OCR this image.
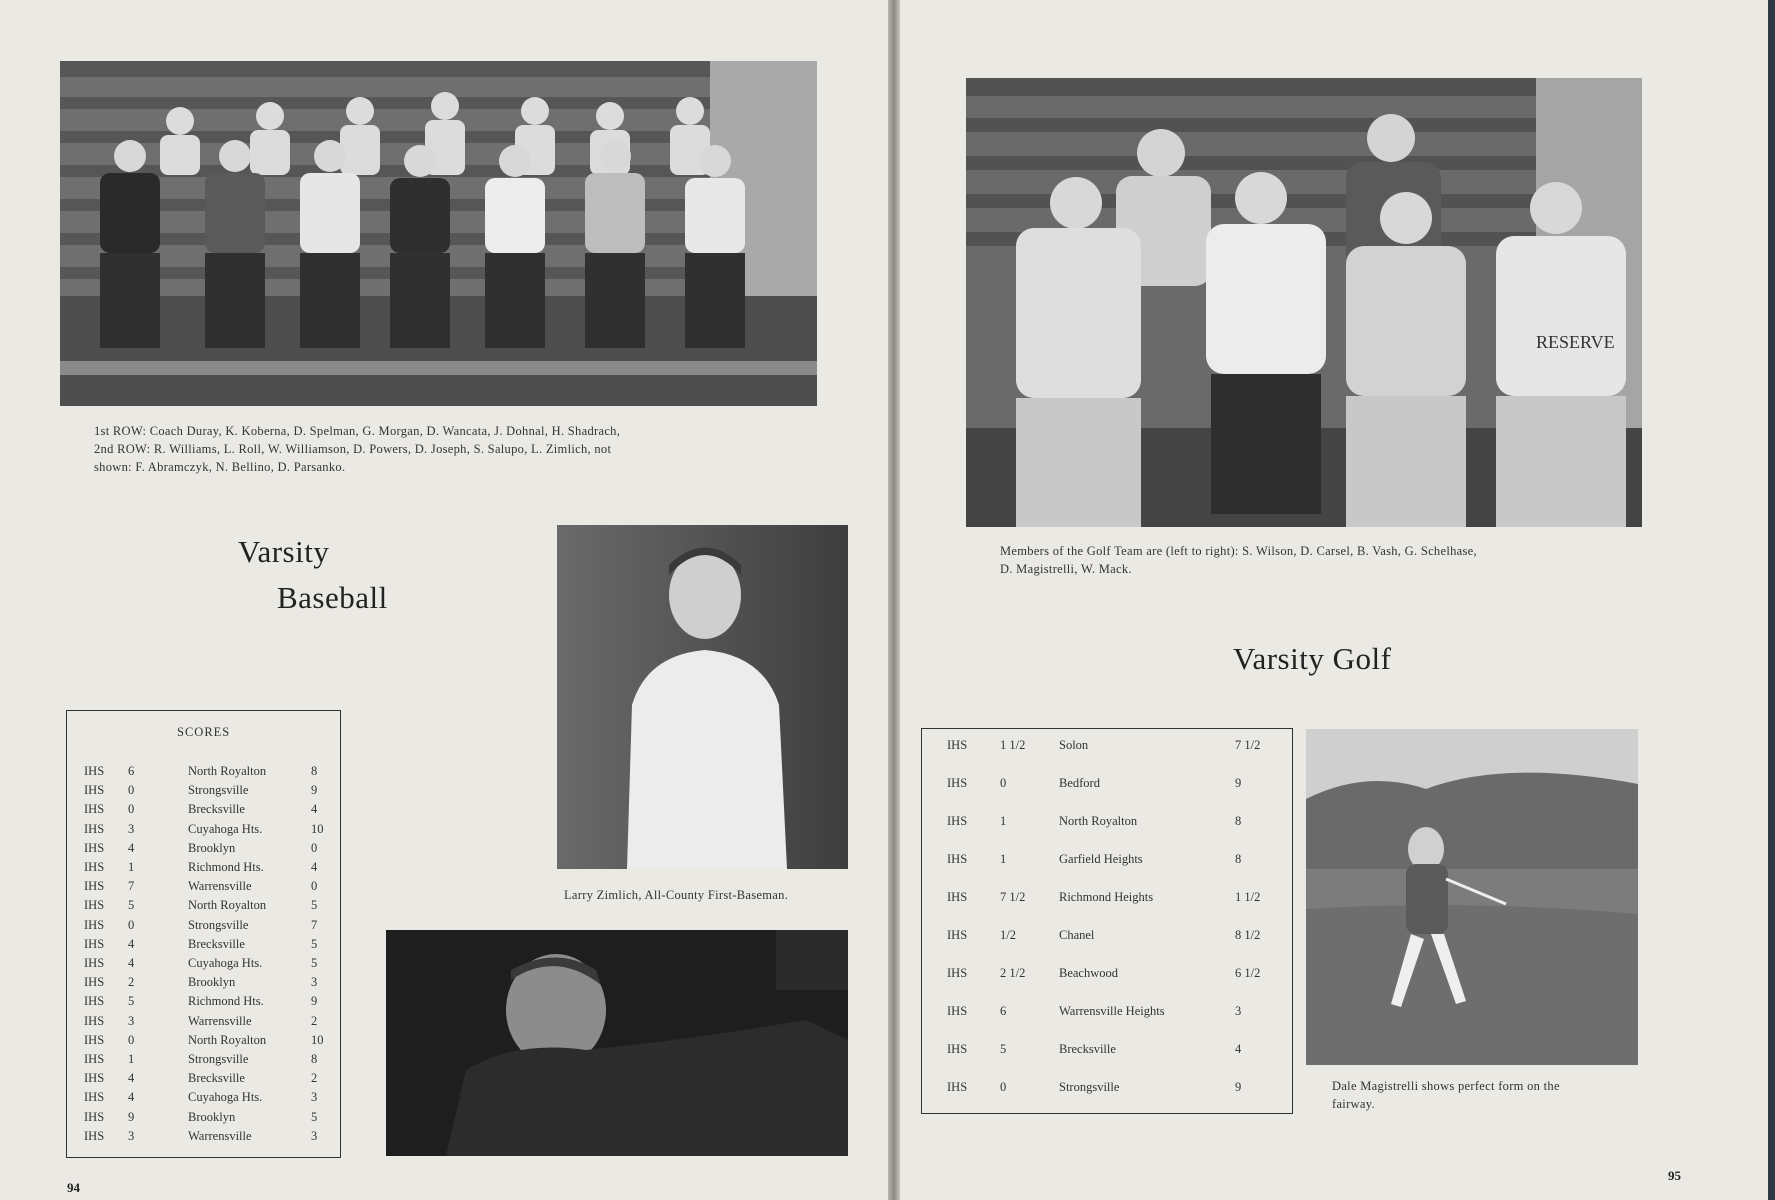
1st ROW: Coach Duray, K. Koberna, D. Spelman, G. Morgan, D. Wancata, J. Dohnal, H. Shadrach,
2nd ROW: R. Williams, L. Roll, W. Williamson, D. Powers, D. Joseph, S. Salupo, L. Zimlich, not
shown: F. Abramczyk, N. Bellino, D. Parsanko.
Varsity
Baseball
Larry Zimlich, All-County First-Baseman.
SCORES
IHS 6	North Royalton	8
IHS 0	Strongsville	9
IHS 0	Brecksville	4
IHS 3	Cuyahoga Hts.	10
IHS 4	Brooklyn	0
IHS 1	Richmond Hts.	4
IHS 7	Warrensville	0
IHS 5	North Royalton	5
IHS 0	Strongsville	7
IHS 4	Brecksville	5
IHS 4	Cuyahoga Hts.	5
IHS 2	Brooklyn	3
IHS 5	Richmond Hts.	9
IHS 3	Warrensville	2
IHS 0	North Royalton	10
IHS 1	Strongsville	8
IHS 4	Brecksville	2
IHS 4	Cuyahoga Hts.	3
IHS 9	Brooklyn	5
IHS 3	Warrensville	3
94
RESERVE
Members of the Golf Team are (left to right): S. Wilson, D. Carsel, B. Vash, G. Schelhase,
D. Magistrelli, W. Mack.
Varsity Golf
IHS	1 1/2	Solon	7 1/2
IHS	0	Bedford	9
IHS	1	North Royalton	8
IHS	1	Garfield Heights	8
IHS	7 1/2	Richmond Heights	1 1/2
IHS	1/2	Chanel	8 1/2
IHS	2 1/2	Beachwood	6 1/2
IHS	6	Warrensville Heights	3
IHS	5	Brecksville	4
IHS	0	Strongsville	9	Dale Magistrelli shows perfect form on the
fairway.
95
